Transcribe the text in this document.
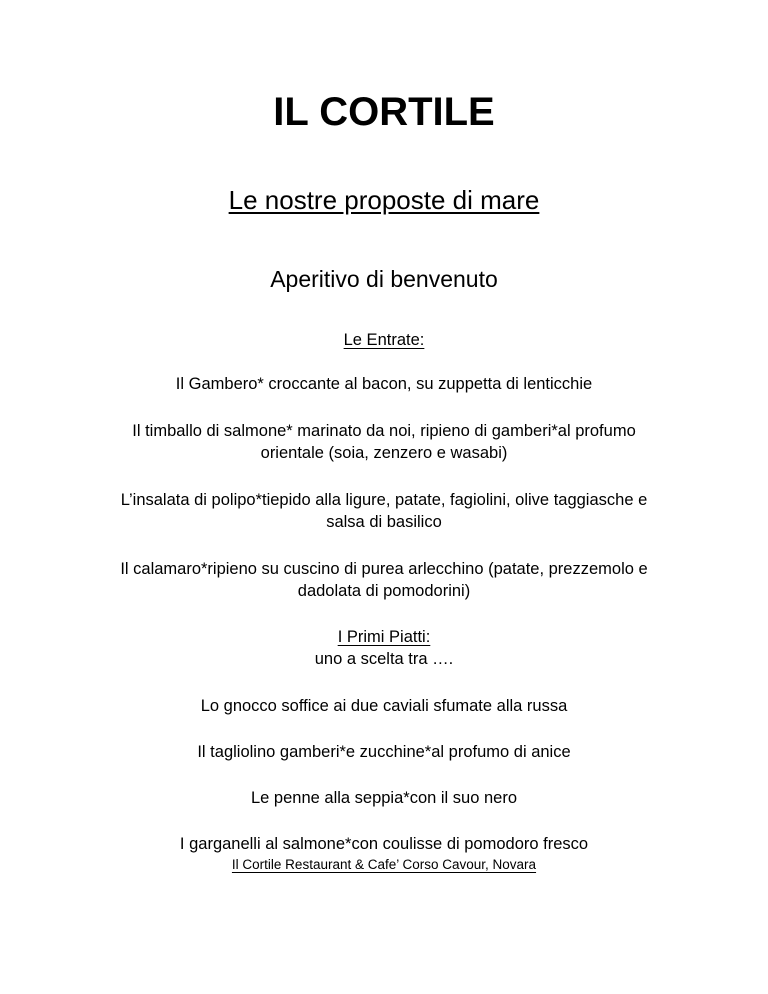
IL CORTILE
Le nostre proposte di mare

Aperitivo di benvenuto

Le Entrate:

Il Gambero* croccante al bacon, su zuppetta di lenticchie

Il timballo di salmone* marinato da noi, ripieno di gamberi*al profumo

orientale (soia, zenzero e wasabi)

L’insalata di polipo*tiepido alla ligure, patate, fagiolini, olive taggiasche e

salsa di basilico

Il calamaro*ripieno su cuscino di purea arlecchino (patate, prezzemolo e

dadolata di pomodorini)

I Primi Piatti:

uno a scelta tra ….

Lo gnocco soffice ai due caviali sfumate alla russa

Il tagliolino gamberi*e zucchine*al profumo di anice

Le penne alla seppia*con il suo nero

I garganelli al salmone*con coulisse di pomodoro fresco

Il Cortile Restaurant & Cafe’ Corso Cavour, Novara
